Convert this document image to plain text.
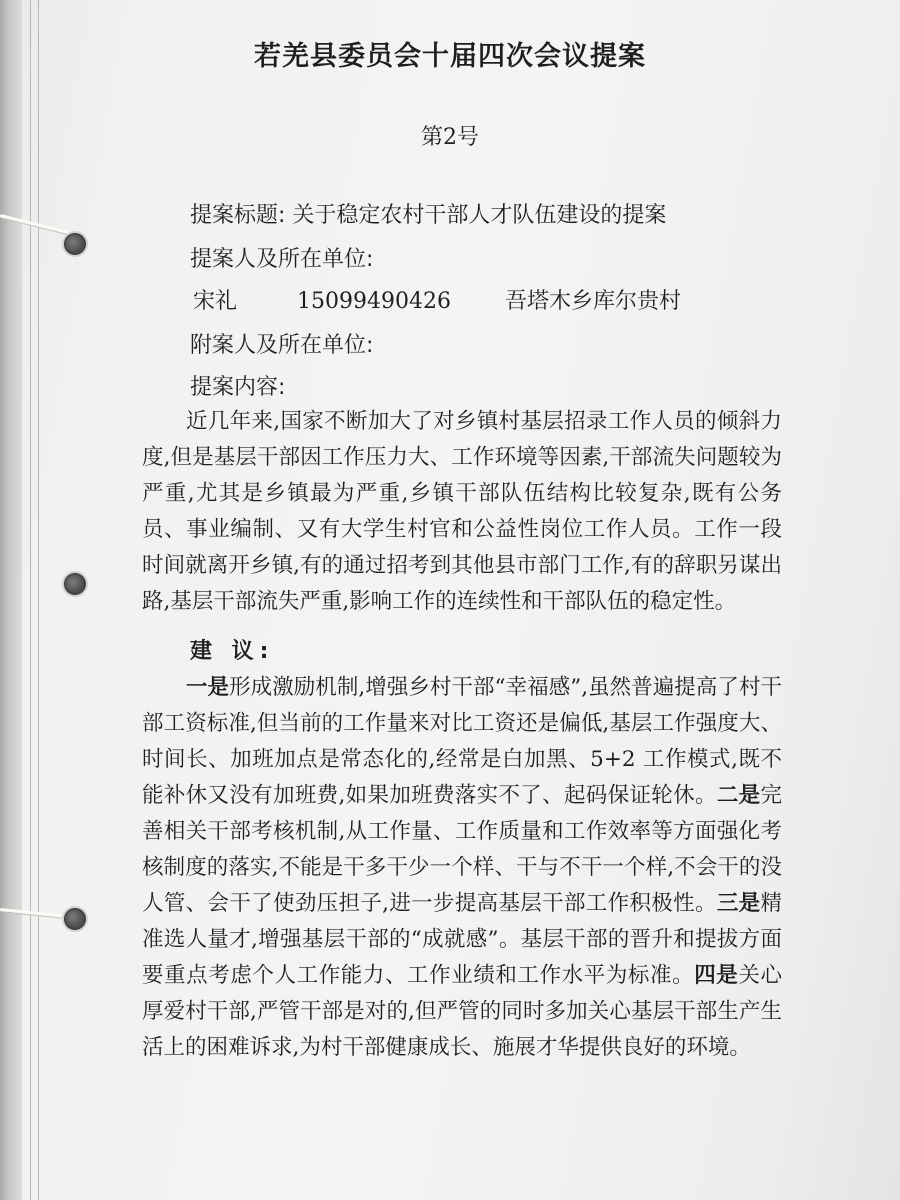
若羌县委员会十届四次会议提案
第2号
提案标题: 关于稳定农村干部人才队伍建设的提案
提案人及所在单位:
宋礼	15099490426 吾塔木乡库尔贵村
附案人及所在单位:
提案内容:
近几年来,国家不断加大了对乡镇村基层招录工作人员的倾斜力度,但是基层干部因工作压力大、工作环境等因素,干部流失问题较为严重,尤其是乡镇最为严重,乡镇干部队伍结构比较复杂,既有公务员、事业编制、又有大学生村官和公益性岗位工作人员。工作一段时间就离开乡镇,有的通过招考到其他县市部门工作,有的辞职另谋出路,基层干部流失严重,影响工作的连续性和干部队伍的稳定性。
建 议:
一是形成激励机制,增强乡村干部“幸福感”,虽然普遍提高了村干部工资标准,但当前的工作量来对比工资还是偏低,基层工作强度大、时间长、加班加点是常态化的,经常是白加黑、5+2 工作模式,既不能补休又没有加班费,如果加班费落实不了、起码保证轮休。二是完善相关干部考核机制,从工作量、工作质量和工作效率等方面强化考核制度的落实,不能是干多干少一个样、干与不干一个样,不会干的没人管、会干了使劲压担子,进一步提高基层干部工作积极性。三是精准选人量才,增强基层干部的“成就感”。基层干部的晋升和提拔方面要重点考虑个人工作能力、工作业绩和工作水平为标准。四是关心厚爱村干部,严管干部是对的,但严管的同时多加关心基层干部生产生活上的困难诉求,为村干部健康成长、施展才华提供良好的环境。
